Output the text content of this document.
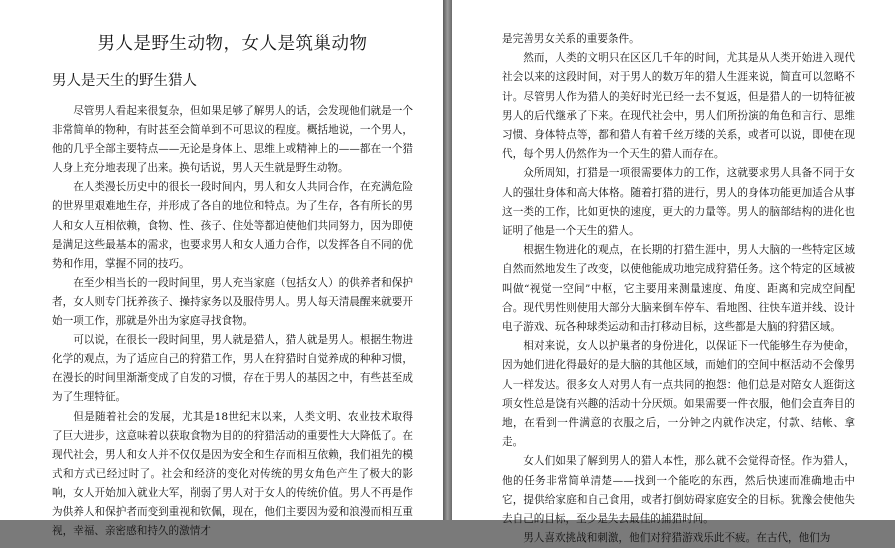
男人是野生动物，女人是筑巢动物
男人是天生的野生猎人

尽管男人看起来很复杂，但如果足够了解男人的话，会发现他们就是一个非常简单的物种，有时甚至会简单到不可思议的程度。概括地说，一个男人，他的几乎全部主要特点——无论是身体上、思维上或精神上的——都在一个猎人身上充分地表现了出来。换句话说，男人天生就是野生动物。

在人类漫长历史中的很长一段时间内，男人和女人共同合作，在充满危险的世界里艰难地生存，并形成了各自的地位和特点。为了生存，各有所长的男人和女人互相依赖，食物、性、孩子、住处等都迫使他们共同努力，因为即使是满足这些最基本的需求，也要求男人和女人通力合作，以发挥各自不同的优势和作用，掌握不同的技巧。

在至少相当长的一段时间里，男人充当家庭（包括女人）的供养者和保护者，女人则专门抚养孩子、操持家务以及服侍男人。男人每天清晨醒来就要开始一项工作，那就是外出为家庭寻找食物。

可以说，在很长一段时间里，男人就是猎人，猎人就是男人。根据生物进化学的观点，为了适应自己的狩猎工作，男人在狩猎时自觉养成的种种习惯，在漫长的时间里渐渐变成了自发的习惯，存在于男人的基因之中，有些甚至成为了生理特征。

但是随着社会的发展，尤其是18世纪末以来，人类文明、农业技术取得了巨大进步，这意味着以获取食物为目的的狩猎活动的重要性大大降低了。在现代社会，男人和女人并不仅仅是因为安全和生存而相互依赖，我们祖先的模式和方式已经过时了。社会和经济的变化对传统的男女角色产生了极大的影响，女人开始加入就业大军，削弱了男人对于女人的传统价值。男人不再是作为供养人和保护者而变到重视和钦佩，现在，他们主要因为爱和浪漫而相互重视，幸福、亲密感和持久的激情才

是完善男女关系的重要条件。

然而，人类的文明只在区区几千年的时间，尤其是从人类开始进入现代社会以来的这段时间，对于男人的数万年的猎人生涯来说，简直可以忽略不计。尽管男人作为猎人的美好时光已经一去不复返，但是猎人的一切特征被男人的后代继承了下来。在现代社会中，男人们所扮演的角色和言行、思维习惯、身体特点等，都和猎人有着千丝万缕的关系，或者可以说，即使在现代，每个男人仍然作为一个天生的猎人而存在。

众所周知，打猎是一项很需要体力的工作，这就要求男人具备不同于女人的强壮身体和高大体格。随着打猎的进行，男人的身体功能更加适合从事这一类的工作，比如更快的速度，更大的力量等。男人的脑部结构的进化也证明了他是一个天生的猎人。

根据生物进化的观点，在长期的打猎生涯中，男人大脑的一些特定区域自然而然地发生了改变，以使他能成功地完成狩猎任务。这个特定的区域被叫做“视觉一空间”中枢，它主要用来测量速度、角度、距离和完成空间配合。现代男性则使用大部分大脑来倒车停车、看地图、往快车道并线、设计电子游戏、玩各种球类运动和击打移动目标，这些都是大脑的狩猎区域。

相对来说，女人以护巢者的身份进化，以保证下一代能够生存为使命，因为她们进化得最好的是大脑的其他区域，而她们的空间中枢活动不会像男人一样发达。很多女人对男人有一点共同的抱怨：他们总是对陪女人逛街这项女性总是饶有兴趣的活动十分厌烦。如果需要一件衣服，他们会直奔目的地，在看到一件满意的衣服之后，一分钟之内就作决定，付款、结帐、拿走。

女人们如果了解到男人的猎人本性，那么就不会觉得奇怪。作为猎人，他的任务非常简单清楚——找到一个能吃的东西，然后快速而准确地击中它，提供给家庭和自己食用，或者打倒妨碍家庭安全的目标。犹豫会使他失去自己的目标，至少是失去最佳的捕猎时间。

男人喜欢挑战和刺激，他们对狩猎游戏乐此不疲。在古代，他们为
